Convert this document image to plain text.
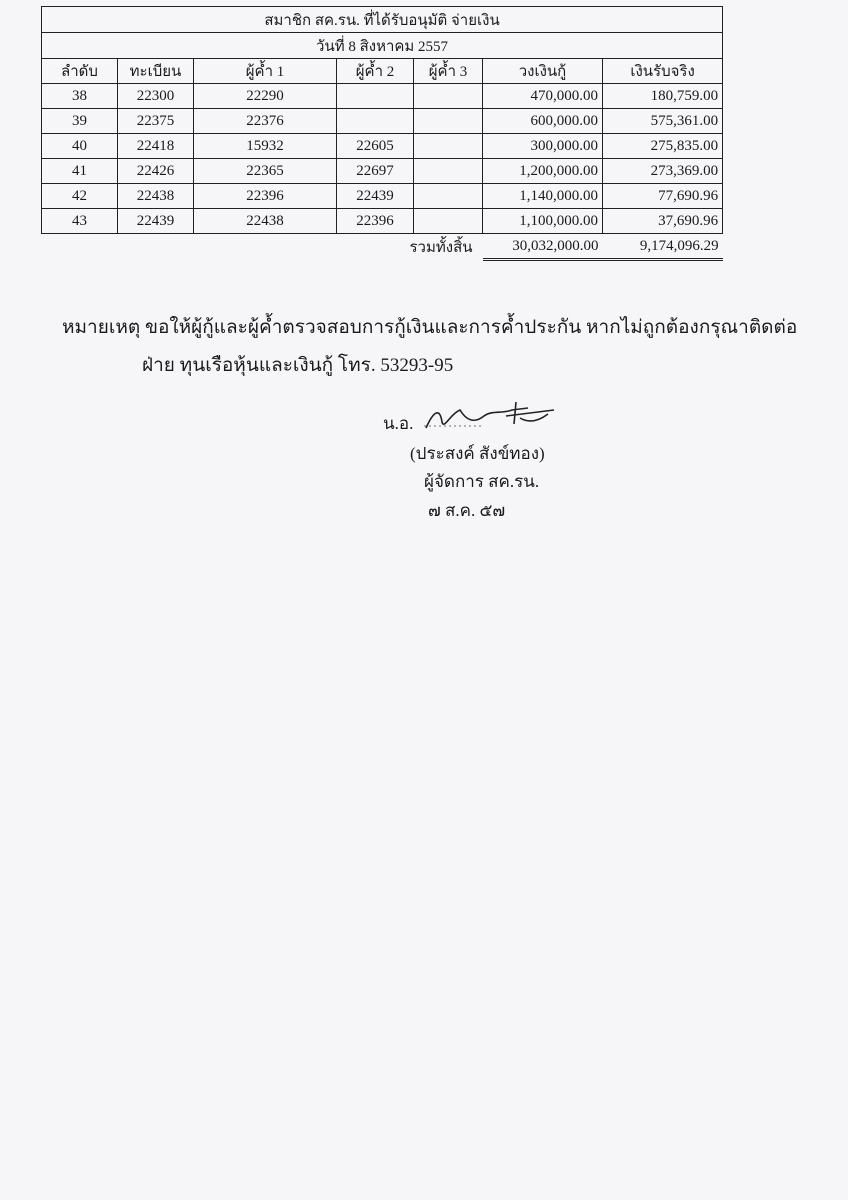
สมาชิก สค.รน. ที่ได้รับอนุมัติ จ่ายเงิน						
วันที่ 8 สิงหาคม 2557						
ลำดับ	ทะเบียน	ผู้ค้ำ 1	ผู้ค้ำ 2	ผู้ค้ำ 3	วงเงินกู้	เงินรับจริง
38	22300	22290			470,000.00	180,759.00
39	22375	22376			600,000.00	575,361.00
40	22418	15932	22605		300,000.00	275,835.00
41	22426	22365	22697		1,200,000.00	273,369.00
42	22438	22396	22439		1,140,000.00	77,690.96
43	22439	22438	22396		1,100,000.00	37,690.96
รวมทั้งสิ้น					30,032,000.00	9,174,096.29
หมายเหตุ ขอให้ผู้กู้และผู้ค้ำตรวจสอบการกู้เงินและการค้ำประกัน หากไม่ถูกต้องกรุณาติดต่อ
ฝ่าย ทุนเรือหุ้นและเงินกู้ โทร. 53293-95
น.อ.
(ประสงค์ สังข์ทอง)
ผู้จัดการ สค.รน.
๗ ส.ค. ๕๗
